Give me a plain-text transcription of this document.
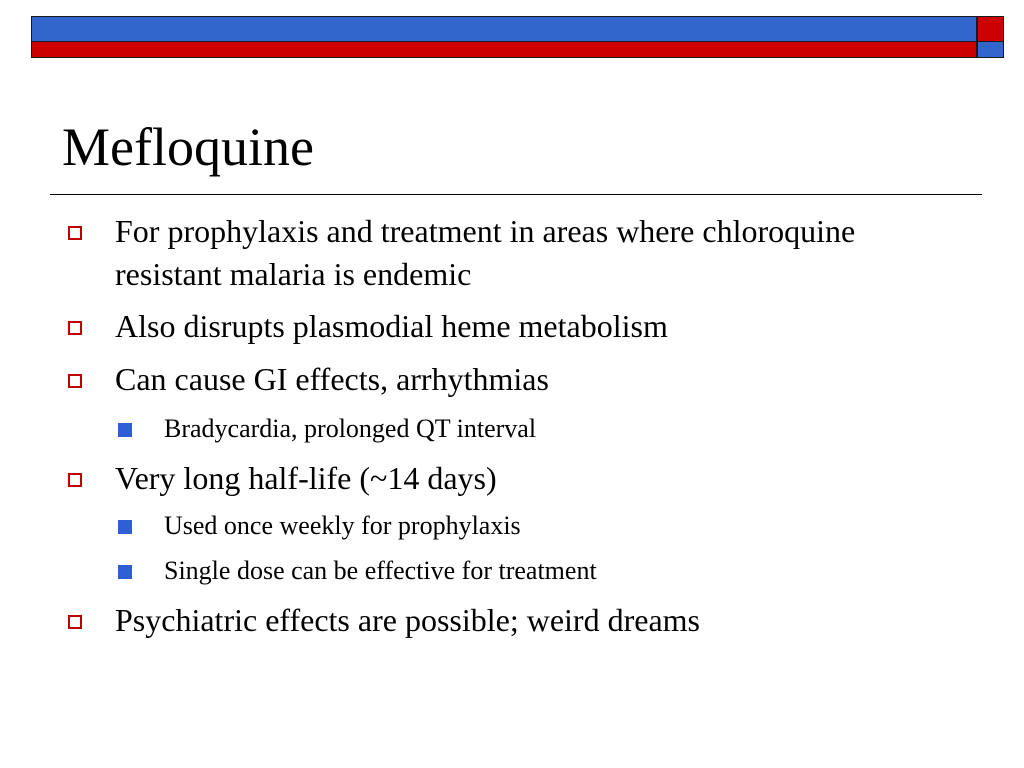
Mefloquine
For prophylaxis and treatment in areas where chloroquine resistant malaria is endemic
Also disrupts plasmodial heme metabolism
Can cause GI effects, arrhythmias
Bradycardia, prolonged QT interval
Very long half-life (~14 days)
Used once weekly for prophylaxis
Single dose can be effective for treatment
Psychiatric effects are possible; weird dreams
